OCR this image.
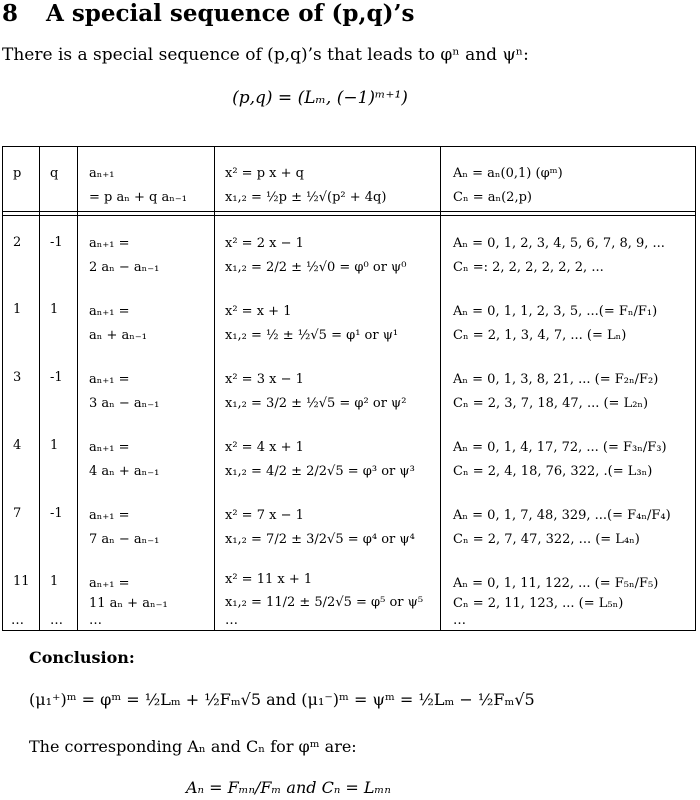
8 A special sequence of (p,q)’s
There is a special sequence of (p,q)’s that leads to φⁿ and ψⁿ:
(p,q) = (Lₘ, (−1)ᵐ⁺¹)
p q aₙ₊₁
= p aₙ + q aₙ₋₁
x² = p x + q
x₁,₂ = ½p ± ½√(p² + 4q)
Aₙ = aₙ(0,1) (φᵐ)
Cₙ = aₙ(2,p)
2 -1 aₙ₊₁ =
2 aₙ − aₙ₋₁
x² = 2 x − 1
x₁,₂ = 2/2 ± ½√0 = φ⁰ or ψ⁰
Aₙ = 0, 1, 2, 3, 4, 5, 6, 7, 8, 9, ...
Cₙ =: 2, 2, 2, 2, 2, 2, ...
1 1 aₙ₊₁ =
aₙ + aₙ₋₁
x² = x + 1
x₁,₂ = ½ ± ½√5 = φ¹ or ψ¹
Aₙ = 0, 1, 1, 2, 3, 5, ...(= Fₙ/F₁)
Cₙ = 2, 1, 3, 4, 7, ... (= Lₙ)
3 -1 aₙ₊₁ =
3 aₙ − aₙ₋₁
x² = 3 x − 1
x₁,₂ = 3/2 ± ½√5 = φ² or ψ²
Aₙ = 0, 1, 3, 8, 21, ... (= F₂ₙ/F₂)
Cₙ = 2, 3, 7, 18, 47, ... (= L₂ₙ)
4 1 aₙ₊₁ =
4 aₙ + aₙ₋₁
x² = 4 x + 1
x₁,₂ = 4/2 ± 2/2√5 = φ³ or ψ³
Aₙ = 0, 1, 4, 17, 72, ... (= F₃ₙ/F₃)
Cₙ = 2, 4, 18, 76, 322, .(= L₃ₙ)
7 -1 aₙ₊₁ =
7 aₙ − aₙ₋₁
x² = 7 x − 1
x₁,₂ = 7/2 ± 3/2√5 = φ⁴ or ψ⁴
Aₙ = 0, 1, 7, 48, 329, ...(= F₄ₙ/F₄)
Cₙ = 2, 7, 47, 322, ... (= L₄ₙ)
11 1 aₙ₊₁ =
11 aₙ + aₙ₋₁
x² = 11 x + 1
x₁,₂ = 11/2 ± 5/2√5 = φ⁵ or ψ⁵
Aₙ = 0, 1, 11, 122, ... (= F₅ₙ/F₅)
Cₙ = 2, 11, 123, ... (= L₅ₙ)
… … …	…	…
Conclusion:
(μ₁⁺)ᵐ = φᵐ = ½Lₘ + ½Fₘ√5 and (μ₁⁻)ᵐ = ψᵐ = ½Lₘ − ½Fₘ√5
The corresponding Aₙ and Cₙ for φᵐ are:
Aₙ = Fₘₙ/Fₘ and Cₙ = Lₘₙ
